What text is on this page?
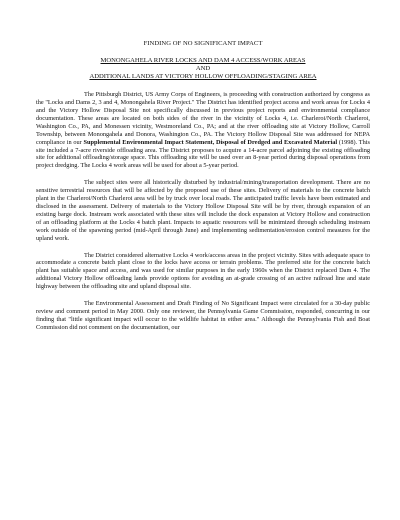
FINDING OF NO SIGNIFICANT IMPACT
MONONGAHELA RIVER LOCKS AND DAM 4 ACCESS/WORK AREAS
AND
ADDITIONAL LANDS AT VICTORY HOLLOW OFFLOADING/STAGING AREA

The Pittsburgh District, US Army Corps of Engineers, is proceeding with construction authorized by congress as the "Locks and Dams 2, 3 and 4, Monongahela River Project." The District has identified project access and work areas for Locks 4 and the Victory Hollow Disposal Site not specifically discussed in previous project reports and environmental compliance documentation. These areas are located on both sides of the river in the vicinity of Locks 4, i.e. Charleroi/North Charleroi, Washington Co., PA, and Monessen vicinity, Westmoreland Co., PA; and at the river offloading site at Victory Hollow, Carroll Township, between Monongahela and Donora, Washington Co., PA. The Victory Hollow Disposal Site was addressed for NEPA compliance in our Supplemental Environmental Impact Statement, Disposal of Dredged and Excavated Material (1998). This site included a 7-acre riverside offloading area. The District proposes to acquire a 14-acre parcel adjoining the existing offloading site for additional offloading/storage space. This offloading site will be used over an 8-year period during disposal operations from project dredging. The Locks 4 work areas will be used for about a 5-year period.

The subject sites were all historically disturbed by industrial/mining/transportation development. There are no sensitive terrestrial resources that will be affected by the proposed use of these sites. Delivery of materials to the concrete batch plant in the Charleroi/North Charleroi area will be by truck over local roads. The anticipated traffic levels have been estimated and disclosed in the assessment. Delivery of materials to the Victory Hollow Disposal Site will be by river, through expansion of an existing barge dock. Instream work associated with these sites will include the dock expansion at Victory Hollow and construction of an offloading platform at the Locks 4 batch plant. Impacts to aquatic resources will be minimized through scheduling instream work outside of the spawning period (mid-April through June) and implementing sedimentation/erosion control measures for the upland work.

The District considered alternative Locks 4 work/access areas in the project vicinity. Sites with adequate space to accommodate a concrete batch plant close to the locks have access or terrain problems. The preferred site for the concrete batch plant has suitable space and access, and was used for similar purposes in the early 1960s when the District replaced Dam 4. The additional Victory Hollow offloading lands provide options for avoiding an at-grade crossing of an active railroad line and state highway between the offloading site and upland disposal site.

The Environmental Assessment and Draft Finding of No Significant Impact were circulated for a 30-day public review and comment period in May 2000. Only one reviewer, the Pennsylvania Game Commission, responded, concurring in our finding that "little significant impact will occur to the wildlife habitat in either area." Although the Pennsylvania Fish and Boat Commission did not comment on the documentation, our
